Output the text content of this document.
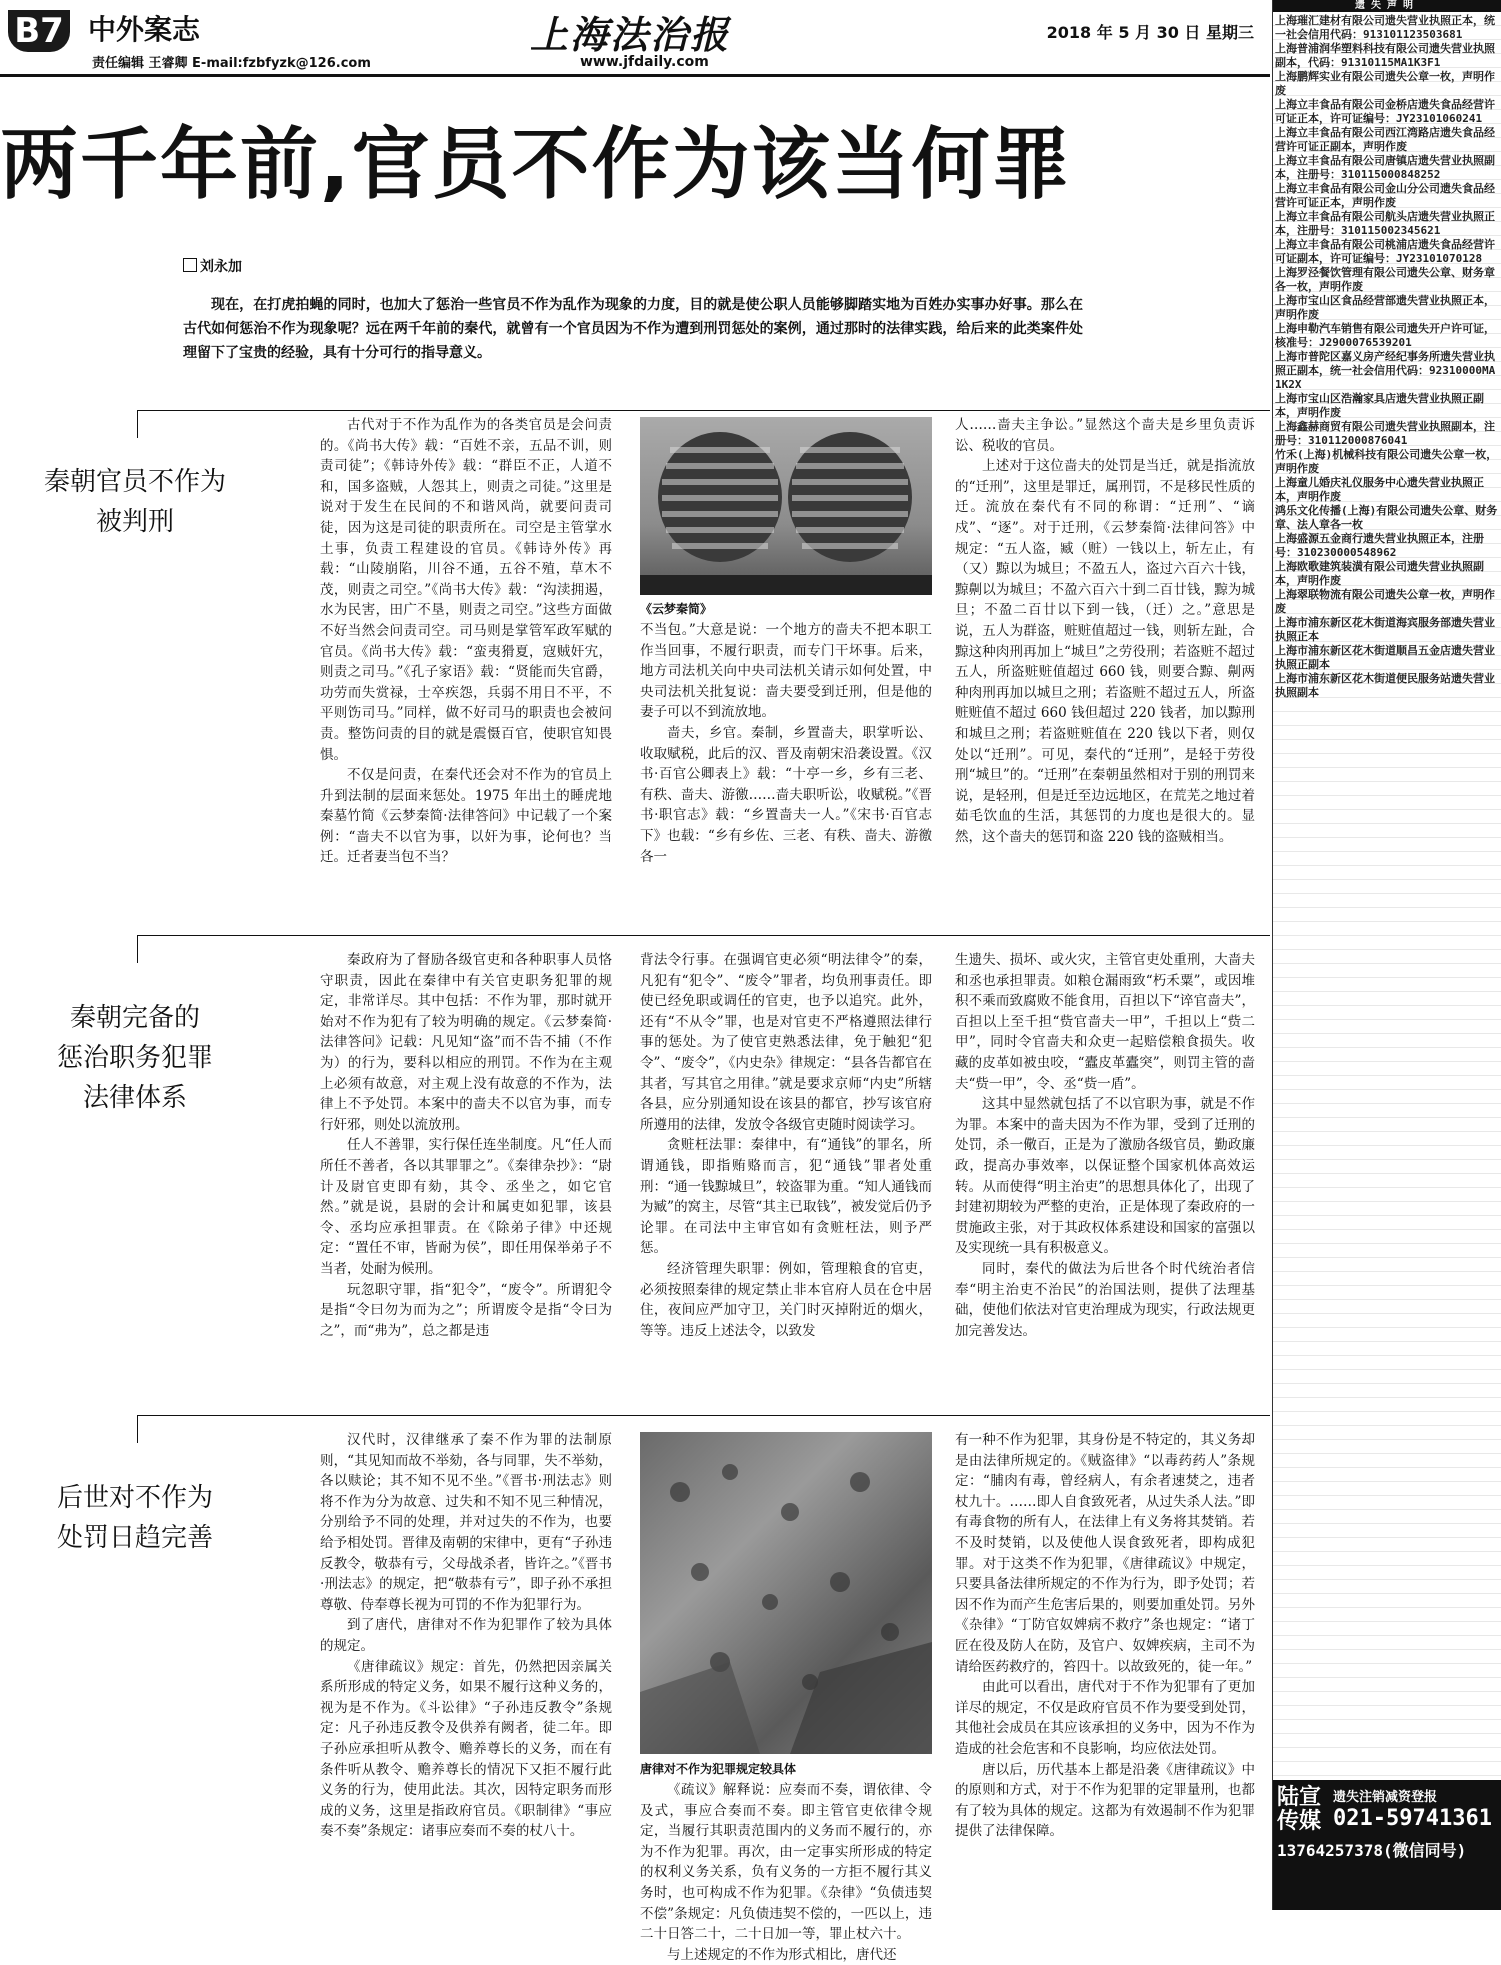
B7 中外案志
责任编辑 王睿卿 E-mail:fzbfyzk@126.com
上海法治报
www.jfdaily.com
2018 年 5 月 30 日 星期三
两千年前,官员不作为该当何罪
刘永加
现在，在打虎拍蝇的同时，也加大了惩治一些官员不作为乱作为现象的力度，目的就是使公职人员能够脚踏实地为百姓办实事办好事。那么在古代如何惩治不作为现象呢？远在两千年前的秦代，就曾有一个官员因为不作为遭到刑罚惩处的案例，通过那时的法律实践，给后来的此类案件处理留下了宝贵的经验，具有十分可行的指导意义。
秦朝官员不作为
被判刑

古代对于不作为乱作为的各类官员是会问责的。《尚书大传》载：“百姓不亲，五品不训，则责司徒”；《韩诗外传》载：“群臣不正，人道不和，国多盗贼，人怨其上，则责之司徒。”这里是说对于发生在民间的不和谐风尚，就要问责司徒，因为这是司徒的职责所在。司空是主管掌水土事，负责工程建设的官员。《韩诗外传》再载：“山陵崩陷，川谷不通，五谷不殖，草木不茂，则责之司空。”《尚书大传》载：“沟渎拥遏，水为民害，田广不垦，则责之司空。”这些方面做不好当然会问责司空。司马则是掌管军政军赋的官员。《尚书大传》载：“蛮夷猾夏，寇贼奸宄，则责之司马。”《孔子家语》载：“贤能而失官爵，功劳而失赏禄，士卒疾怨，兵弱不用日不平，不平则饬司马。”同样，做不好司马的职责也会被问责。整饬问责的目的就是震慑百官，使职官知畏惧。

不仅是问责，在秦代还会对不作为的官员上升到法制的层面来惩处。1975 年出土的睡虎地秦墓竹简《云梦秦简·法律答问》中记载了一个案例：“啬夫不以官为事，以奸为事，论何也？当迁。迁者妻当包不当？

《云梦秦简》

不当包。”大意是说：一个地方的啬夫不把本职工作当回事，不履行职责，而专门干坏事。后来，地方司法机关向中央司法机关请示如何处置，中央司法机关批复说：啬夫要受到迁刑，但是他的妻子可以不到流放地。

啬夫，乡官。秦制，乡置啬夫，职掌听讼、收取赋税，此后的汉、晋及南朝宋沿袭设置。《汉书·百官公卿表上》载：“十亭一乡，乡有三老、有秩、啬夫、游徼……啬夫职听讼，收赋税。”《晋书·职官志》载：“乡置啬夫一人。”《宋书·百官志下》也载：“乡有乡佐、三老、有秩、啬夫、游徼各一

人……啬夫主争讼。”显然这个啬夫是乡里负责诉讼、税收的官员。

上述对于这位啬夫的处罚是当迁，就是指流放的“迁刑”，这里是罪迁，属刑罚，不是移民性质的迁。流放在秦代有不同的称谓：“迁刑”、“谪戍”、“逐”。对于迁刑，《云梦秦简·法律问答》中规定：“五人盗，臧（赃）一钱以上，斩左止，有（又）黥以为城旦；不盈五人，盗过六百六十钱，黥劓以为城旦；不盈六百六十到二百廿钱，黥为城旦；不盈二百廿以下到一钱，（迁）之。”意思是说，五人为群盗，赃赃值超过一钱，则斩左趾，合黥这种肉刑再加上“城旦”之劳役刑；若盗赃不超过五人，所盗赃赃值超过 660 钱，则要合黥、劓两种肉刑再加以城旦之刑；若盗赃不超过五人，所盗赃赃值不超过 660 钱但超过 220 钱者，加以黥刑和城旦之刑；若盗赃赃值在 220 钱以下者，则仅处以“迁刑”。可见，秦代的“迁刑”，是轻于劳役刑“城旦”的。“迁刑”在秦朝虽然相对于别的刑罚来说，是轻刑，但是迁至边远地区，在荒芜之地过着茹毛饮血的生活，其惩罚的力度也是很大的。显然，这个啬夫的惩罚和盗 220 钱的盗贼相当。

秦朝完备的
惩治职务犯罪
法律体系

秦政府为了督励各级官吏和各种职事人员恪守职责，因此在秦律中有关官吏职务犯罪的规定，非常详尽。其中包括：不作为罪，那时就开始对不作为犯有了较为明确的规定。《云梦秦简·法律答问》记载：凡见知“盗”而不告不捕（不作为）的行为，要科以相应的刑罚。不作为在主观上必须有故意，对主观上没有故意的不作为，法律上不予处罚。本案中的啬夫不以官为事，而专行奸邪，则处以流放刑。

任人不善罪，实行保任连坐制度。凡“任人而所任不善者，各以其罪罪之”。《秦律杂抄》：“尉计及尉官吏即有劾，其令、丞坐之，如它官然。”就是说，县尉的会计和属吏如犯罪，该县令、丞均应承担罪责。在《除弟子律》中还规定：“置任不审，皆耐为侯”，即任用保举弟子不当者，处耐为候刑。

玩忽职守罪，指“犯令”，“废令”。所谓犯令是指“令曰勿为而为之”；所谓废令是指“令曰为之”，而“弗为”，总之都是违

背法令行事。在强调官吏必须“明法律令”的秦，凡犯有“犯令”、“废令”罪者，均负刑事责任。即使已经免职或调任的官吏，也予以追究。此外，还有“不从令”罪，也是对官吏不严格遵照法律行事的惩处。为了使官吏熟悉法律，免于触犯“犯令”、“废令”，《内史杂》律规定：“县各告都官在其者，写其官之用律。”就是要求京师“内史”所辖各县，应分别通知设在该县的都官，抄写该官府所遵用的法律，发放令各级官吏随时阅读学习。

贪赃枉法罪：秦律中，有“通钱”的罪名，所谓通钱，即指贿赂而言，犯“通钱”罪者处重刑：“通一钱黥城旦”，较盗罪为重。“知人通钱而为臧”的窝主，尽管“其主已取钱”，被发觉后仍予论罪。在司法中主审官如有贪赃枉法，则予严惩。

经济管理失职罪：例如，管理粮食的官吏，必须按照秦律的规定禁止非本官府人员在仓中居住，夜间应严加守卫，关门时灭掉附近的烟火，等等。违反上述法令，以致发

生遗失、损坏、或火灾，主管官吏处重刑，大啬夫和丞也承担罪责。如粮仓漏雨致“朽禾粟”，或因堆积不乘而致腐败不能食用，百担以下“谇官啬夫”，百担以上至千担“赀官啬夫一甲”，千担以上“赀二甲”，同时令官啬夫和众吏一起赔偿粮食损失。收藏的皮革如被虫咬，“蠹皮革蠹突”，则罚主管的啬夫“赀一甲”，令、丞“赀一盾”。

这其中显然就包括了不以官职为事，就是不作为罪。本案中的啬夫因为不作为罪，受到了迁刑的处罚，杀一儆百，正是为了激励各级官员，勤政廉政，提高办事效率，以保证整个国家机体高效运转。从而使得“明主治吏”的思想具体化了，出现了封建初期较为严整的吏治，正是体现了秦政府的一贯施政主张，对于其政权体系建设和国家的富强以及实现统一具有积极意义。

同时，秦代的做法为后世各个时代统治者信奉“明主治吏不治民”的治国法则，提供了法理基础，使他们依法对官吏治理成为现实，行政法规更加完善发达。

后世对不作为
处罚日趋完善

汉代时，汉律继承了秦不作为罪的法制原则，“其见知而故不举劾，各与同罪，失不举劾，各以赎论；其不知不见不坐。”《晋书·刑法志》则将不作为分为故意、过失和不知不见三种情况，分别给予不同的处理，并对过失的不作为，也要给予相处罚。晋律及南朝的宋律中，更有“子孙违反教令，敬恭有亏，父母战杀者，皆许之。”《晋书·刑法志》的规定，把“敬恭有亏”，即子孙不承担尊敬、侍奉尊长视为可罚的不作为犯罪行为。

到了唐代，唐律对不作为犯罪作了较为具体的规定。

《唐律疏议》规定：首先，仍然把因亲属关系所形成的特定义务，如果不履行这种义务的，视为是不作为。《斗讼律》“子孙违反教令”条规定：凡子孙违反教令及供养有阙者，徒二年。即子孙应承担听从教令、赡养尊长的义务，而在有条件听从教令、赡养尊长的情况下又拒不履行此义务的行为，使用此法。其次，因特定职务而形成的义务，这里是指政府官员。《职制律》“事应奏不奏”条规定：诸事应奏而不奏的杖八十。

唐律对不作为犯罪规定较具体

《疏议》解释说：应奏而不奏，谓依律、令及式，事应合奏而不奏。即主管官吏依律令规定，当履行其职责范围内的义务而不履行的，亦为不作为犯罪。再次，由一定事实所形成的特定的权利义务关系，负有义务的一方拒不履行其义务时，也可构成不作为犯罪。《杂律》“负债违契不偿”条规定：凡负债违契不偿的，一匹以上，违二十日答二十，二十日加一等，罪止杖六十。

与上述规定的不作为形式相比，唐代还

有一种不作为犯罪，其身份是不特定的，其义务却是由法律所规定的。《贼盗律》“以毒药药人”条规定：“脯肉有毒，曾经病人，有余者速焚之，违者杖九十。……即人自食致死者，从过失杀人法。”即有毒食物的所有人，在法律上有义务将其焚销。若不及时焚销，以及使他人误食致死者，即构成犯罪。对于这类不作为犯罪，《唐律疏议》中规定，只要具备法律所规定的不作为行为，即予处罚；若因不作为而产生危害后果的，则要加重处罚。另外《杂律》“丁防官奴婢病不救疗”条也规定：“诸丁匠在役及防人在防，及官户、奴婢疾病，主司不为请给医药救疗的，笞四十。以故致死的，徒一年。”

由此可以看出，唐代对于不作为犯罪有了更加详尽的规定，不仅是政府官员不作为要受到处罚，其他社会成员在其应该承担的义务中，因为不作为造成的社会危害和不良影响，均应依法处罚。

唐以后，历代基本上都是沿袭《唐律疏议》中的原则和方式，对于不作为犯罪的定罪量刑，也都有了较为具体的规定。这都为有效遏制不作为犯罪提供了法律保障。

遗失声明
上海璀汇建材有限公司遗失营业执照正本，统一社会信用代码：913101123503681
上海普浦润华塑料科技有限公司遗失营业执照副本，代码：91310115MA1K3F1
上海鹏辉实业有限公司遗失公章一枚，声明作废
上海立丰食品有限公司金桥店遗失食品经营许可证正本，许可证编号：JY23101060241
上海立丰食品有限公司西江湾路店遗失食品经营许可证正副本，声明作废
上海立丰食品有限公司唐镇店遗失营业执照副本，注册号：310115000848252
上海立丰食品有限公司金山分公司遗失食品经营许可证正本，声明作废
上海立丰食品有限公司航头店遗失营业执照正本，注册号：310115002345621
上海立丰食品有限公司桃浦店遗失食品经营许可证副本，许可证编号：JY23101070128
上海罗泾餐饮管理有限公司遗失公章、财务章各一枚，声明作废
上海市宝山区食品经营部遗失营业执照正本，声明作废
上海申勒汽车销售有限公司遗失开户许可证，核准号：J2900076539201
上海市普陀区嘉义房产经纪事务所遗失营业执照正副本，统一社会信用代码：92310000MA1K2X
上海市宝山区浩瀚家具店遗失营业执照正副本，声明作废
上海鑫赫商贸有限公司遗失营业执照副本，注册号：310112000876041
竹禾(上海)机械科技有限公司遗失公章一枚，声明作废
上海童儿婚庆礼仪服务中心遗失营业执照正本，声明作废
鸿乐文化传播(上海)有限公司遗失公章、财务章、法人章各一枚
上海盛源五金商行遗失营业执照正本，注册号：310230000548962
上海欧歌建筑装潢有限公司遗失营业执照副本，声明作废
上海翠联物流有限公司遗失公章一枚，声明作废
上海市浦东新区花木街道海宾服务部遗失营业执照正本
上海市浦东新区花木街道顺昌五金店遗失营业执照正副本
上海市浦东新区花木街道便民服务站遗失营业执照副本
陆宣传媒
遗失注销减资登报
021-59741361
13764257378(微信同号)
